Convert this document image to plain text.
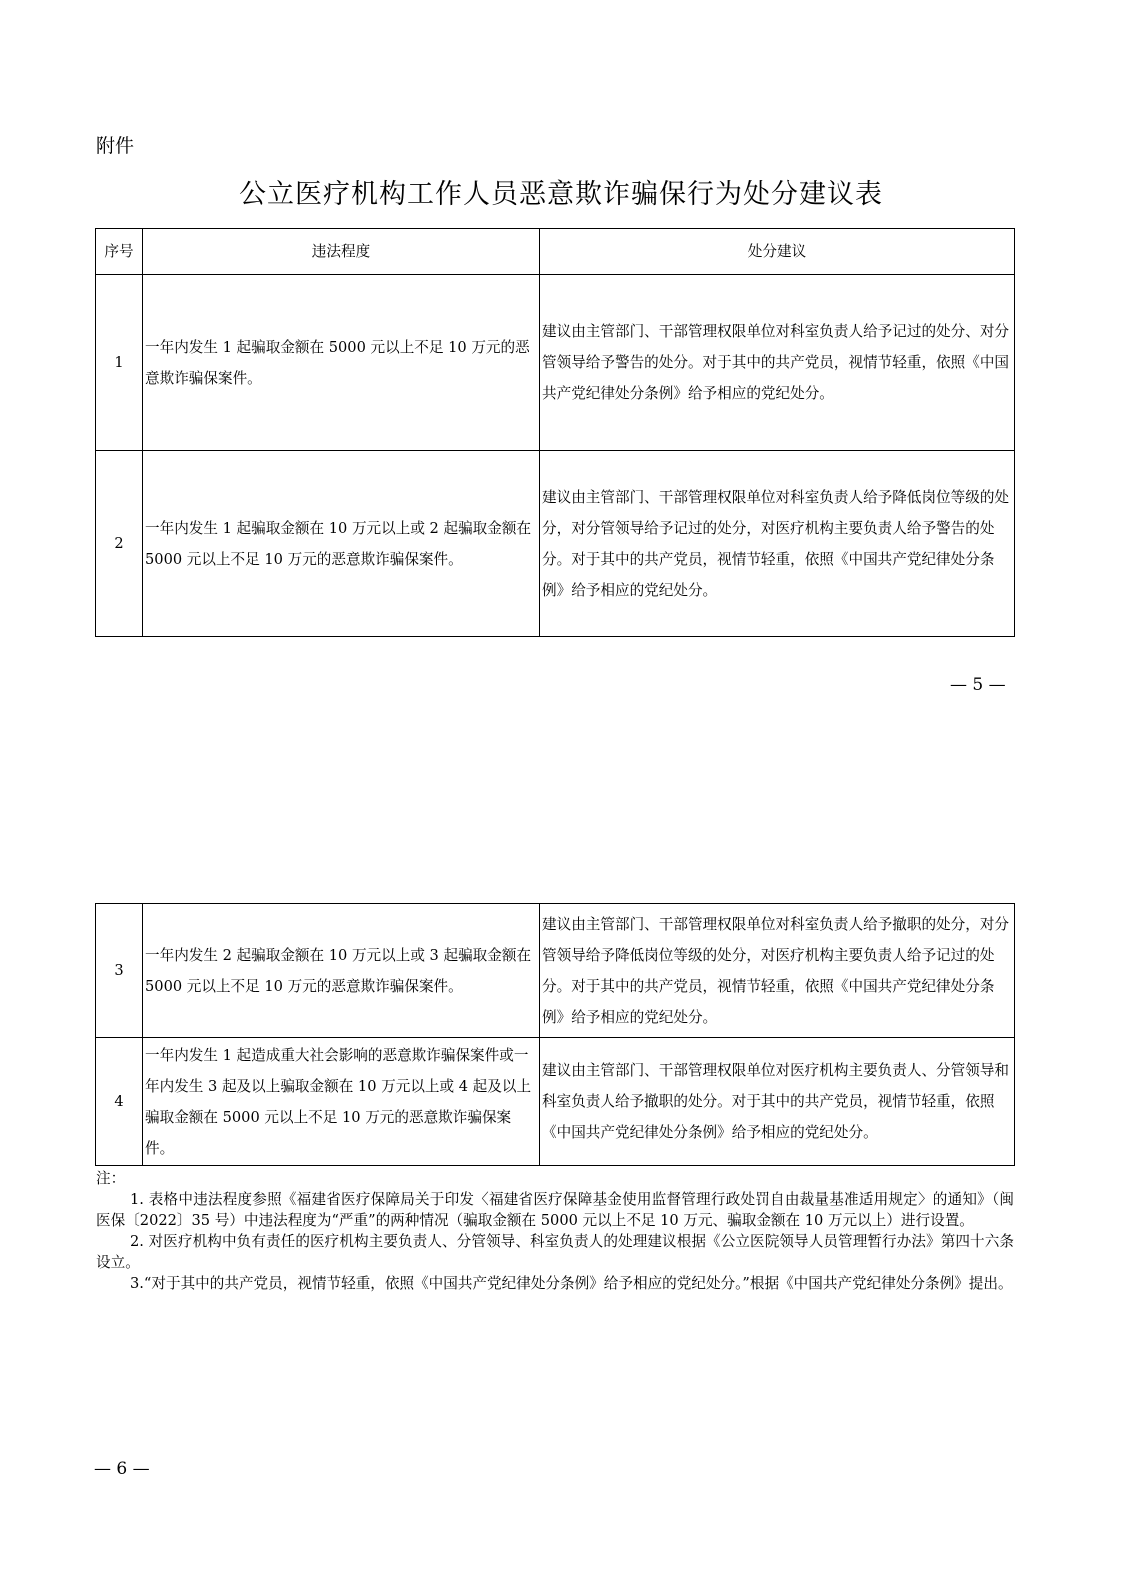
附件
公立医疗机构工作人员恶意欺诈骗保行为处分建议表
序号	违法程度	处分建议
1	一年内发生 1 起骗取金额在 5000 元以上不足 10 万元的恶意欺诈骗保案件。	建议由主管部门、干部管理权限单位对科室负责人给予记过的处分、对分管领导给予警告的处分。对于其中的共产党员，视情节轻重，依照《中国共产党纪律处分条例》给予相应的党纪处分。
2	一年内发生 1 起骗取金额在 10 万元以上或 2 起骗取金额在 5000 元以上不足 10 万元的恶意欺诈骗保案件。	建议由主管部门、干部管理权限单位对科室负责人给予降低岗位等级的处分，对分管领导给予记过的处分，对医疗机构主要负责人给予警告的处分。对于其中的共产党员，视情节轻重，依照《中国共产党纪律处分条例》给予相应的党纪处分。
— 5 —
3	一年内发生 2 起骗取金额在 10 万元以上或 3 起骗取金额在 5000 元以上不足 10 万元的恶意欺诈骗保案件。	建议由主管部门、干部管理权限单位对科室负责人给予撤职的处分，对分管领导给予降低岗位等级的处分，对医疗机构主要负责人给予记过的处分。对于其中的共产党员，视情节轻重，依照《中国共产党纪律处分条例》给予相应的党纪处分。
4	一年内发生 1 起造成重大社会影响的恶意欺诈骗保案件或一年内发生 3 起及以上骗取金额在 10 万元以上或 4 起及以上骗取金额在 5000 元以上不足 10 万元的恶意欺诈骗保案件。	建议由主管部门、干部管理权限单位对医疗机构主要负责人、分管领导和科室负责人给予撤职的处分。对于其中的共产党员，视情节轻重，依照《中国共产党纪律处分条例》给予相应的党纪处分。

注：

1. 表格中违法程度参照《福建省医疗保障局关于印发〈福建省医疗保障基金使用监督管理行政处罚自由裁量基准适用规定〉的通知》（闽医保〔2022〕35 号）中违法程度为“严重”的两种情况（骗取金额在 5000 元以上不足 10 万元、骗取金额在 10 万元以上）进行设置。

2. 对医疗机构中负有责任的医疗机构主要负责人、分管领导、科室负责人的处理建议根据《公立医院领导人员管理暂行办法》第四十六条设立。

3.“对于其中的共产党员，视情节轻重，依照《中国共产党纪律处分条例》给予相应的党纪处分。”根据《中国共产党纪律处分条例》提出。

— 6 —
